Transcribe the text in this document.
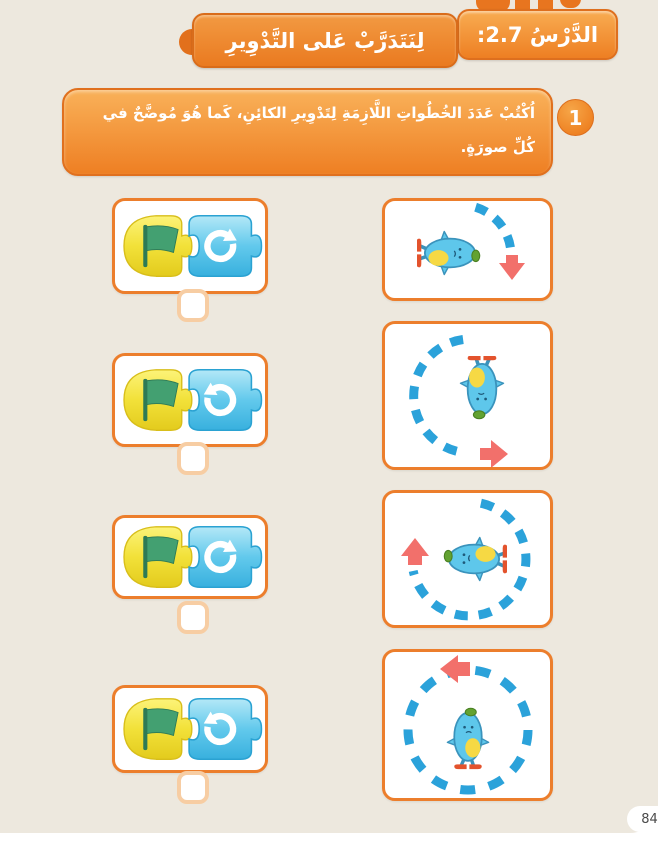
الدَّرْسُ 2.7:
لِنَتَدَرَّبْ عَلى التَّدْوِيرِ
اُكْتُبْ عَدَدَ الخُطُواتِ اللَّازِمَةِ لِتَدْوِيرِ الكائِنِ، كَما هُوَ مُوضَّحٌ في كُلِّ صورَةٍ.
1
84
